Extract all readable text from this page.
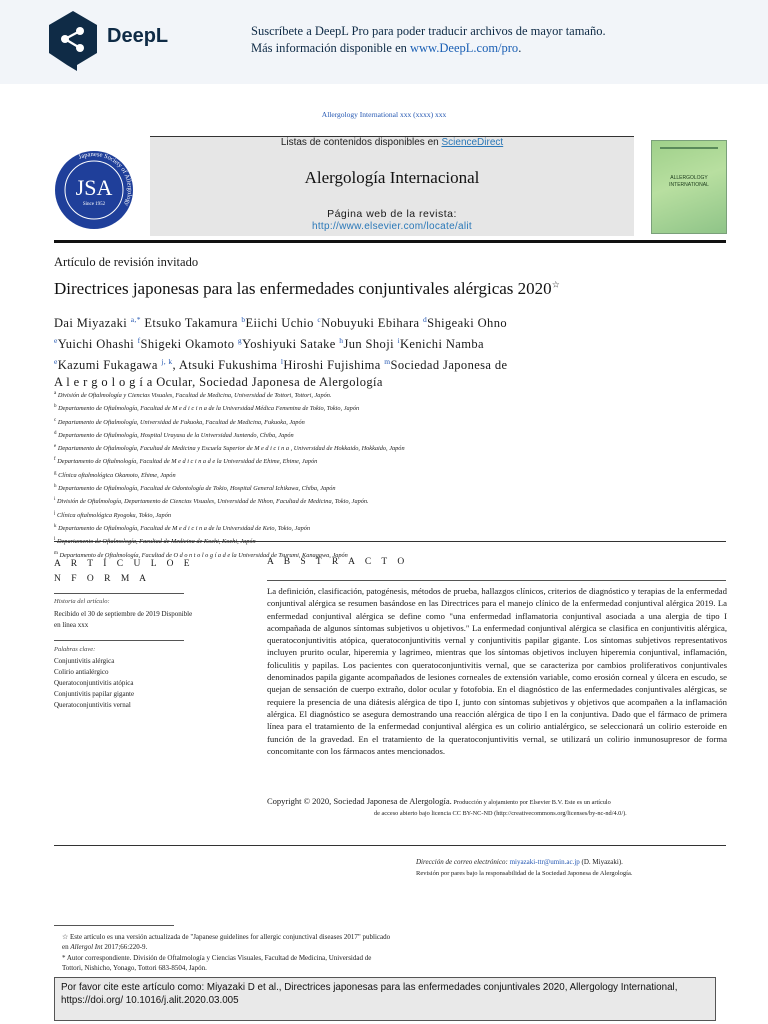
DeepL	Suscríbete a DeepL Pro para poder traducir archivos de mayor tamaño.
Más información disponible en www.DeepL.com/pro.
Allergology International xxx (xxxx) xxx
Japanese Society of Allergology
JSA
Since 1952
Listas de contenidos disponibles en ScienceDirect
Alergología Internacional
Página web de la revista:
http://www.elsevier.com/locate/alit
ALLERGOLOGY
INTERNATIONAL
Artículo de revisión invitado
Directrices japonesas para las enfermedades conjuntivales alérgicas 2020☆
Dai Miyazaki $^{a,*}$ Etsuko Takamura $^b$Eiichi Uchio $^c$Nobuyuki Ebihara $^d$Shigeaki Ohno
$^e$Yuichi Ohashi $^f$Shigeki Okamoto $^g$Yoshiyuki Satake $^h$Jun Shoji $^i$Kenichi Namba
$^e$Kazumi Fukagawa $^{j, k}$, Atsuki Fukushima $^l$Hiroshi Fujishima $^m$Sociedad Japonesa de
A l e r g o l o g í a Ocular, Sociedad Japonesa de Alergología
$^a$ División de Oftalmología y Ciencias Visuales, Facultad de Medicina, Universidad de Tottori, Tottori, Japón.
$^b$ Departamento de Oftalmología, Facultad de M e d i c i n a de la Universidad Médica Femenina de Tokio, Tokio, Japón
$^c$ Departamento de Oftalmología, Universidad de Fukuoka, Facultad de Medicina, Fukuoka, Japón
$^d$ Departamento de Oftalmología, Hospital Urayasu de la Universidad Juntendo, Chiba, Japón
$^e$ Departamento de Oftalmología, Facultad de Medicina y Escuela Superior de M e d i c i n a , Universidad de Hokkaido, Hokkaido, Japón
$^f$ Departamento de Oftalmología, Facultad de M e d i c i n a d e la Universidad de Ehime, Ehime, Japón
$^g$ Clínica oftalmológica Okamoto, Ehime, Japón
$^h$ Departamento de Oftalmología, Facultad de Odontología de Tokio, Hospital General Ichikawa, Chiba, Japón
$^i$ División de Oftalmología, Departamento de Ciencias Visuales, Universidad de Nihon, Facultad de Medicina, Tokio, Japón.
$^j$ Clínica oftalmológica Ryogoku, Tokio, Japón
$^k$ Departamento de Oftalmología, Facultad de M e d i c i n a de la Universidad de Keio, Tokio, Japón
$^l$
$^m$ Departamento de Oftalmología, Facultad de O d o n t o l o g í a d e la Universidad de Tsurumi, Kanagawa, Japón
A R T Í C U L O E N F O R M A
Historia del artículo:
Recibido el 30 de septiembre de 2019 Disponible en línea xxx
Palabras clave:
Conjuntivitis alérgica
Colirio antialérgico
Queratoconjuntivitis atópica
Conjuntivitis papilar gigante
Queratoconjuntivitis vernal
A B S T R A C T O
La definición, clasificación, patogénesis, métodos de prueba, hallazgos clínicos, criterios de diagnóstico y terapias de la enfermedad conjuntival alérgica se resumen basándose en las Directrices para el manejo clínico de la enfermedad conjuntival alérgica 2019. La enfermedad conjuntival alérgica se define como "una enfermedad inflamatoria conjuntival asociada a una alergia de tipo I acompañada de algunos síntomas subjetivos u objetivos." La enfermedad conjuntival alérgica se clasifica en conjuntivitis alérgica, queratoconjuntivitis atópica, queratoconjuntivitis vernal y conjuntivitis papilar gigante. Los síntomas subjetivos representativos incluyen prurito ocular, hiperemia y lagrimeo, mientras que los síntomas objetivos incluyen hiperemia conjuntival, inflamación, foliculitis y papilas. Los pacientes con queratoconjuntivitis vernal, que se caracteriza por cambios proliferativos conjuntivales denominados papila gigante acompañados de lesiones corneales de extensión variable, como erosión corneal y úlcera en escudo, se quejan de sensación de cuerpo extraño, dolor ocular y fotofobia. En el diagnóstico de las enfermedades conjuntivales alérgicas, se requiere la presencia de una diátesis alérgica de tipo I, junto con síntomas subjetivos y objetivos que acompañen a la inflamación alérgica. El diagnóstico se asegura demostrando una reacción alérgica de tipo I en la conjuntiva. Dado que el fármaco de primera línea para el tratamiento de la enfermedad conjuntival alérgica es un colirio antialérgico, se seleccionará un colirio esteroide en función de la gravedad. En el tratamiento de la queratoconjuntivitis vernal, se utilizará un colirio inmunosupresor de forma concomitante con los fármacos antes mencionados.
Copyright © 2020, Sociedad Japonesa de Alergología. Producción y alojamiento por Elsevier B.V. Este es un artículo
de acceso abierto bajo licencia CC BY-NC-ND (http://creativecommons.org/licenses/by-nc-nd/4.0/).
Dirección de correo electrónico: miyazaki-ttr@umin.ac.jp (D. Miyazaki).
Revisión por pares bajo la responsabilidad de la Sociedad Japonesa de Alergología.
☆ Este artículo es una versión actualizada de "Japanese guidelines for allergic conjunctival diseases 2017" publicado en Allergol Int 2017;66:220-9.
* Autor correspondiente. División de Oftalmología y Ciencias Visuales, Facultad de Medicina, Universidad de Tottori, Nishicho, Yonago, Tottori 683-8504, Japón.
Por favor cite este artículo como: Miyazaki D et al., Directrices japonesas para las enfermedades conjuntivales 2020, Allergology International, https://doi.org/ 10.1016/j.alit.2020.03.005
